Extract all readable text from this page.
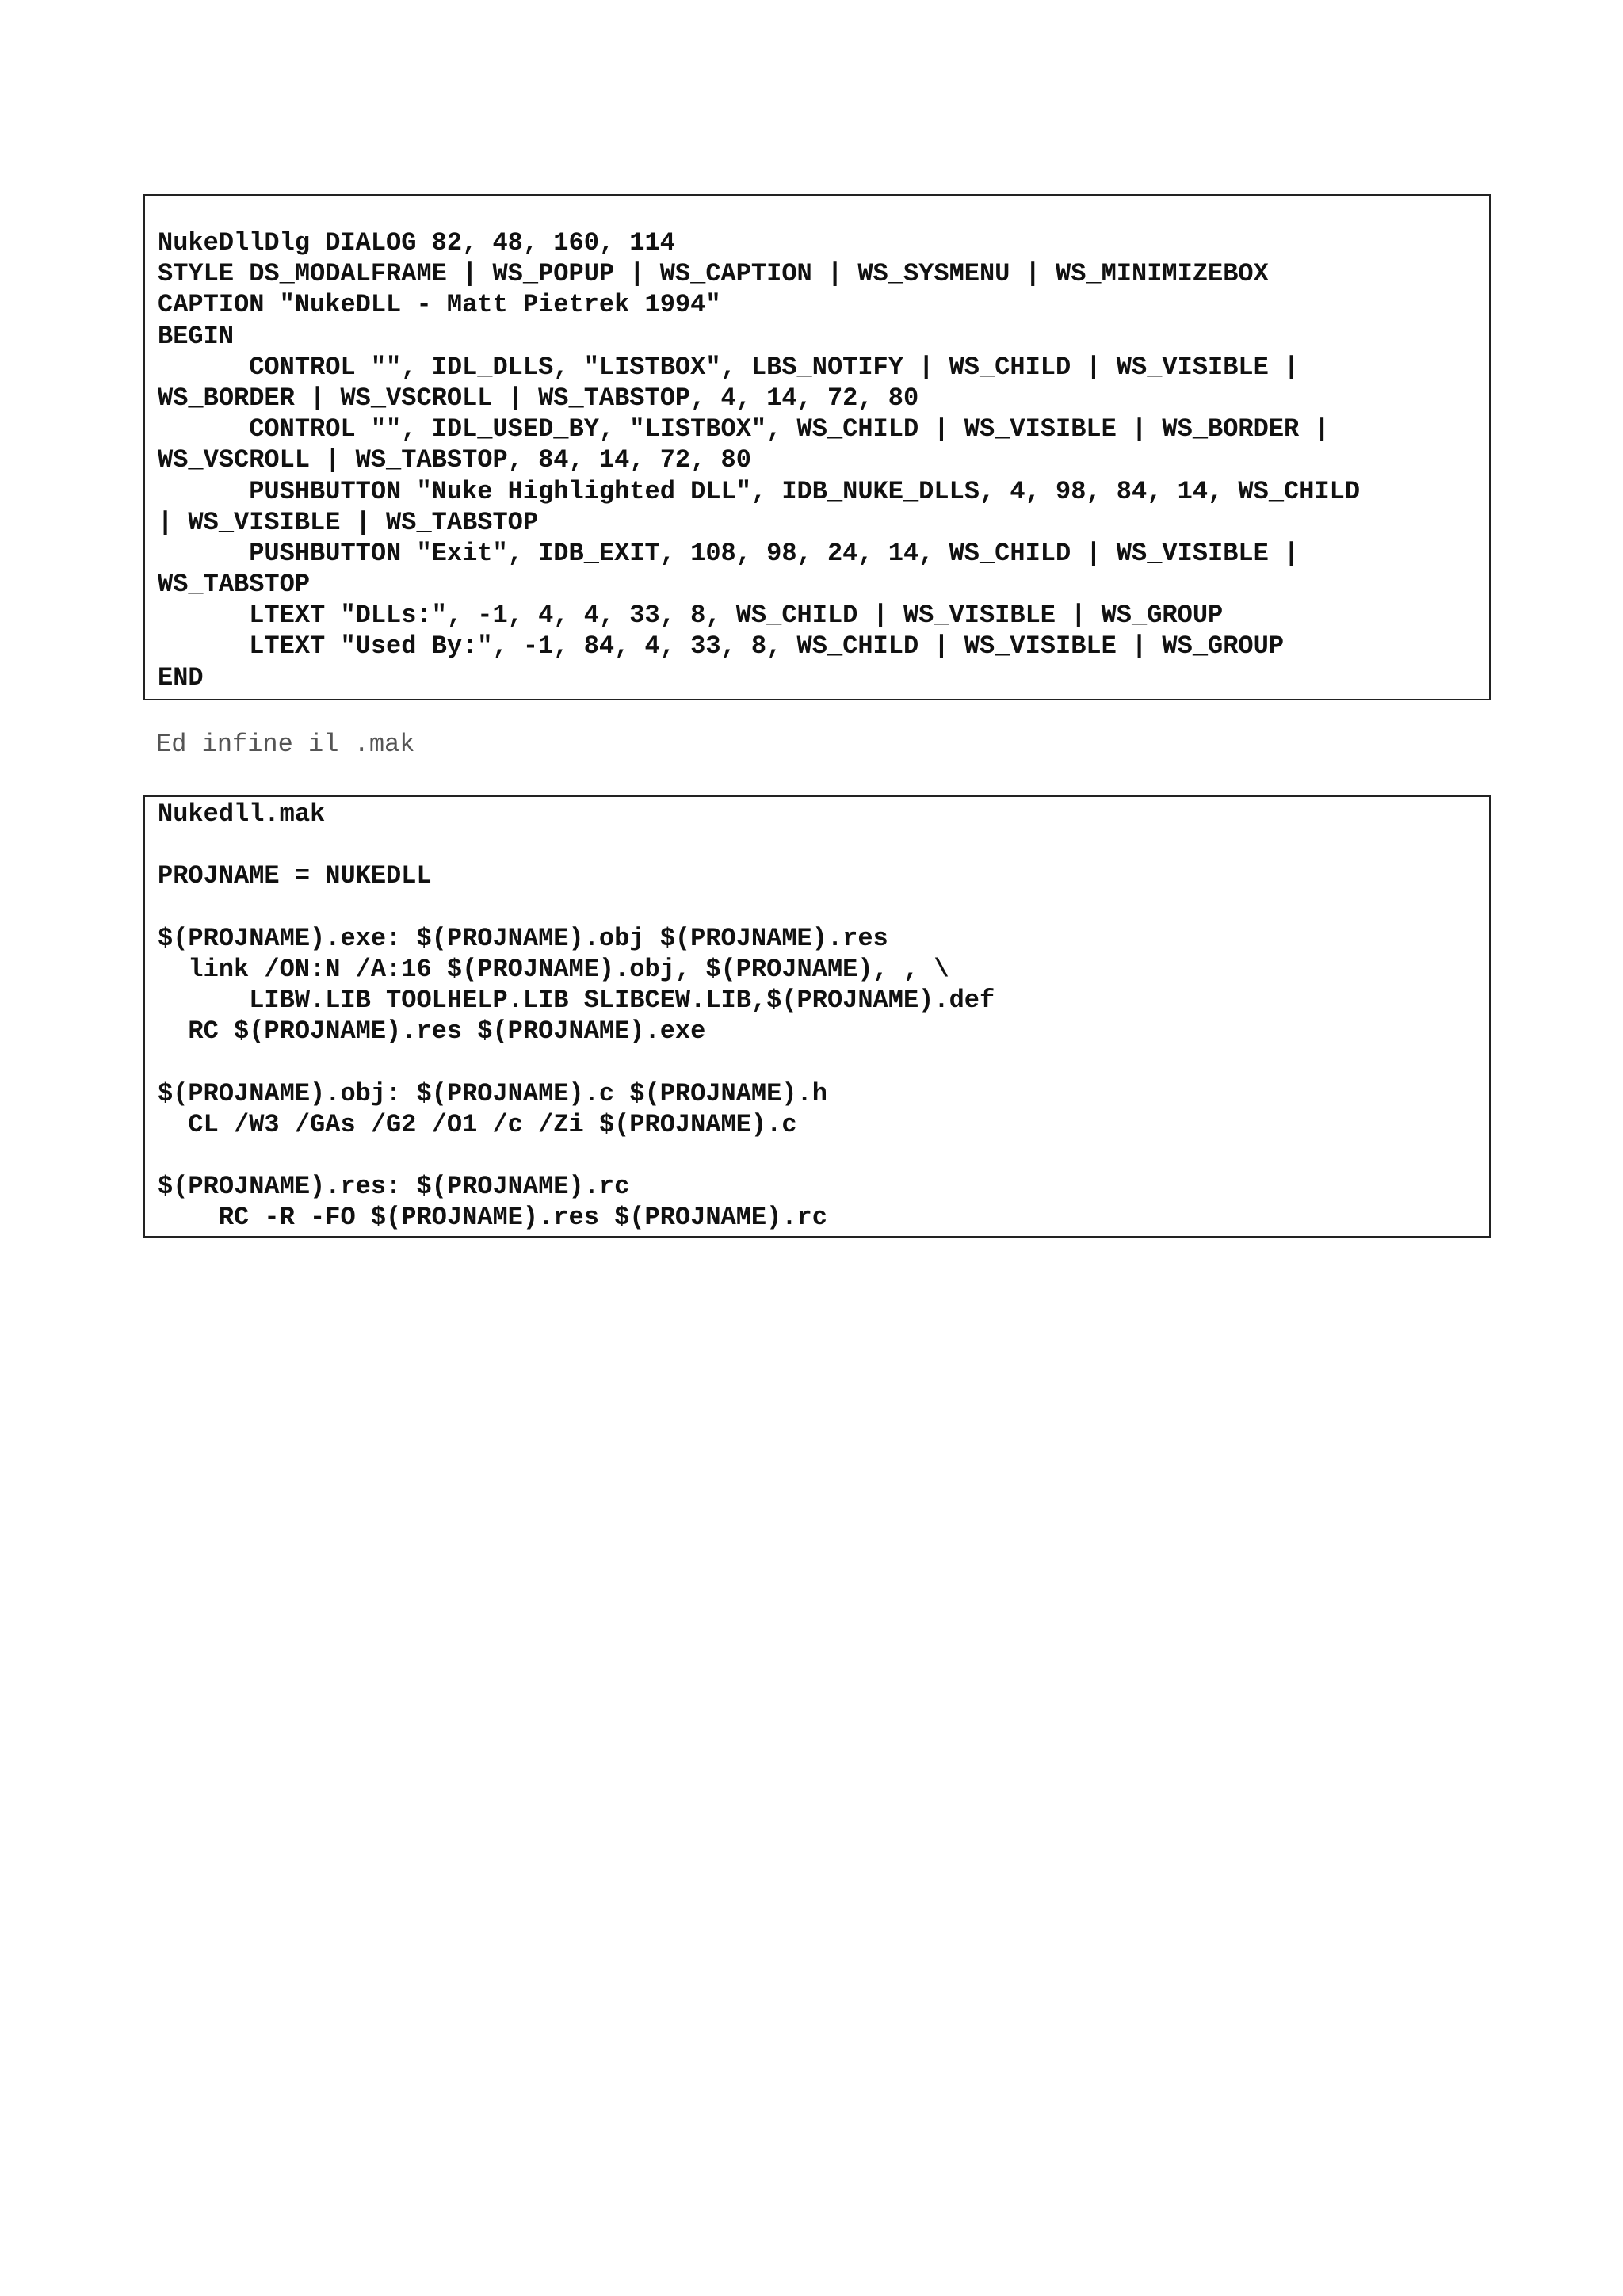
NukeDllDlg DIALOG 82, 48, 160, 114
STYLE DS_MODALFRAME | WS_POPUP | WS_CAPTION | WS_SYSMENU | WS_MINIMIZEBOX
CAPTION "NukeDLL - Matt Pietrek 1994"
BEGIN
CONTROL "", IDL_DLLS, "LISTBOX", LBS_NOTIFY | WS_CHILD | WS_VISIBLE |
WS_BORDER | WS_VSCROLL | WS_TABSTOP, 4, 14, 72, 80
CONTROL "", IDL_USED_BY, "LISTBOX", WS_CHILD | WS_VISIBLE | WS_BORDER |
WS_VSCROLL | WS_TABSTOP, 84, 14, 72, 80
PUSHBUTTON "Nuke Highlighted DLL", IDB_NUKE_DLLS, 4, 98, 84, 14, WS_CHILD
| WS_VISIBLE | WS_TABSTOP
PUSHBUTTON "Exit", IDB_EXIT, 108, 98, 24, 14, WS_CHILD | WS_VISIBLE |
WS_TABSTOP
LTEXT "DLLs:", -1, 4, 4, 33, 8, WS_CHILD | WS_VISIBLE | WS_GROUP
LTEXT "Used By:", -1, 84, 4, 33, 8, WS_CHILD | WS_VISIBLE | WS_GROUP
END
Ed infine il .mak
Nukedll.mak
PROJNAME = NUKEDLL
$(PROJNAME).exe: $(PROJNAME).obj $(PROJNAME).res
link /ON:N /A:16 $(PROJNAME).obj, $(PROJNAME), , \
LIBW.LIB TOOLHELP.LIB SLIBCEW.LIB,$(PROJNAME).def
RC $(PROJNAME).res $(PROJNAME).exe
$(PROJNAME).obj: $(PROJNAME).c $(PROJNAME).h
CL /W3 /GAs /G2 /O1 /c /Zi $(PROJNAME).c
$(PROJNAME).res: $(PROJNAME).rc
RC -R -FO $(PROJNAME).res $(PROJNAME).rc
